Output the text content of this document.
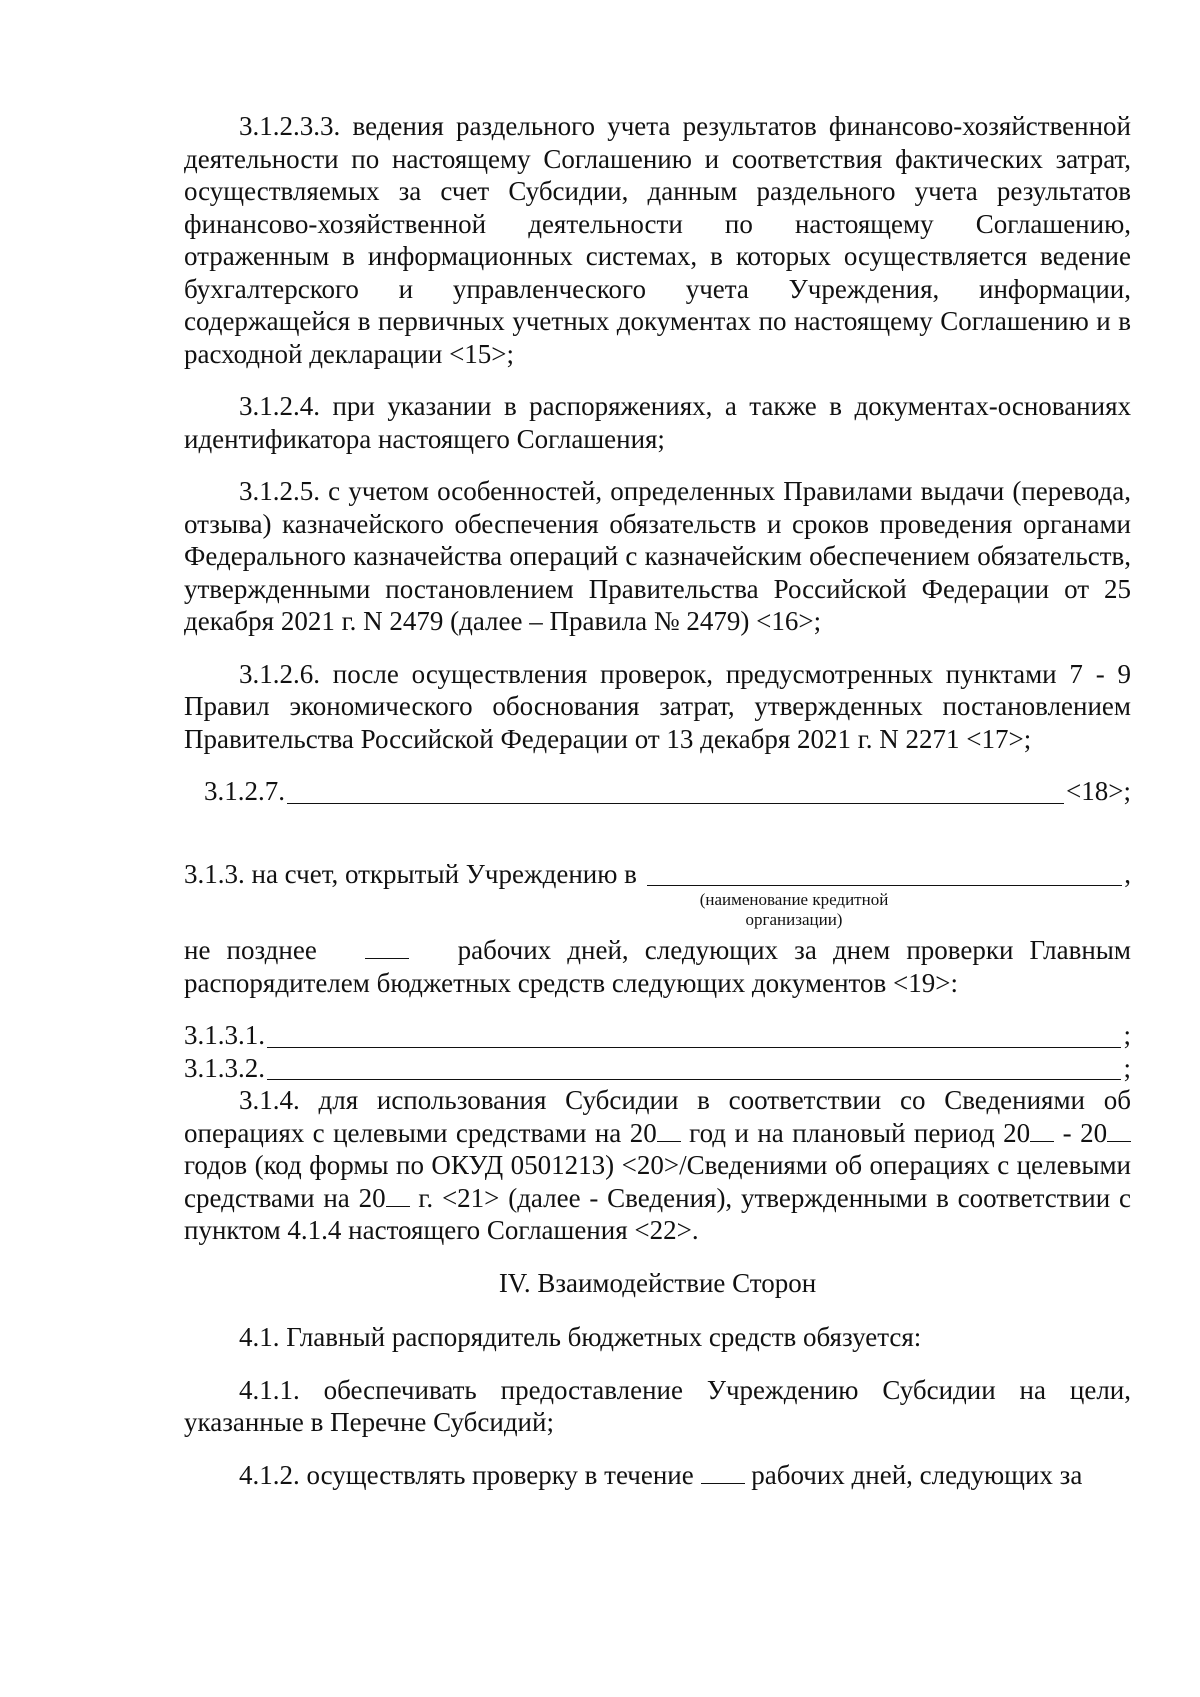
3.1.2.3.3. ведения раздельного учета результатов финансово-хозяйственной деятельности по настоящему Соглашению и соответствия фактических затрат, осуществляемых за счет Субсидии, данным раздельного учета результатов финансово-хозяйственной деятельности по настоящему Соглашению, отраженным в информационных системах, в которых осуществляется ведение бухгалтерского и управленческого учета Учреждения, информации, содержащейся в первичных учетных документах по настоящему Соглашению и в расходной декларации <15>;

3.1.2.4. при указании в распоряжениях, а также в документах-основаниях идентификатора настоящего Соглашения;

3.1.2.5. с учетом особенностей, определенных Правилами выдачи (перевода, отзыва) казначейского обеспечения обязательств и сроков проведения органами Федерального казначейства операций с казначейским обеспечением обязательств, утвержденными постановлением Правительства Российской Федерации от 25 декабря 2021 г. N 2479 (далее – Правила № 2479) <16>;

3.1.2.6. после осуществления проверок, предусмотренных пунктами 7 - 9 Правил экономического обоснования затрат, утвержденных постановлением Правительства Российской Федерации от 13 декабря 2021 г. N 2271 <17>;

3.1.2.7.	<18>;
3.1.3. на счет, открытый Учреждению в	,
(наименование кредитной организации)

не позднее	рабочих дней, следующих за днем проверки Главным распорядителем бюджетных средств следующих документов <19>:

3.1.3.1.	;
3.1.3.2.	;

3.1.4. для использования Субсидии в соответствии со Сведениями об операциях с целевыми средствами на 20 год и на плановый период 20 - 20 годов (код формы по ОКУД 0501213) <20>/Сведениями об операциях с целевыми средствами на 20 г. <21> (далее - Сведения), утвержденными в соответствии с пунктом 4.1.4 настоящего Соглашения <22>.

IV. Взаимодействие Сторон

4.1. Главный распорядитель бюджетных средств обязуется:

4.1.1. обеспечивать предоставление Учреждению Субсидии на цели, указанные в Перечне Субсидий;

4.1.2. осуществлять проверку в течение рабочих дней, следующих за
